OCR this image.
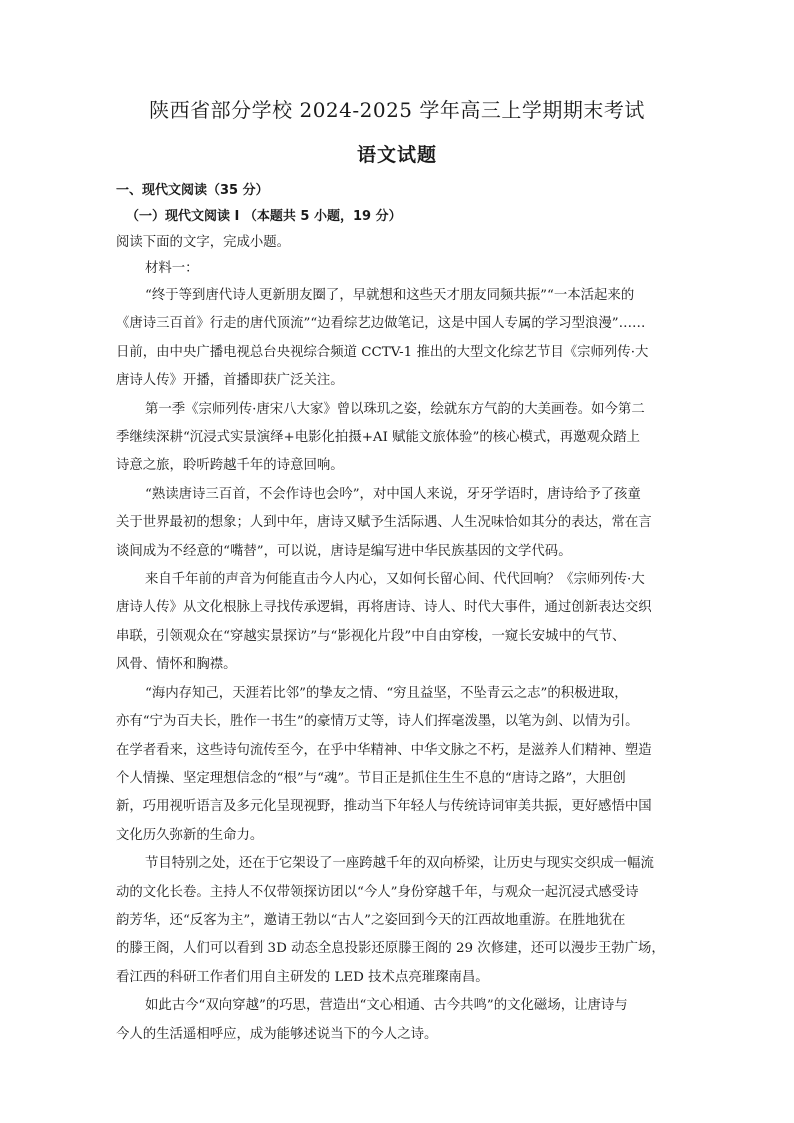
陕西省部分学校 2024-2025 学年高三上学期期末考试
语文试题

一、现代文阅读（35 分）

（一）现代文阅读 I （本题共 5 小题，19 分）

阅读下面的文字，完成小题。

材料一：

“终于等到唐代诗人更新朋友圈了，早就想和这些天才朋友同频共振”“一本活起来的
《唐诗三百首》行走的唐代顶流”“边看综艺边做笔记，这是中国人专属的学习型浪漫”……
日前，由中央广播电视总台央视综合频道 CCTV-1 推出的大型文化综艺节目《宗师列传·大
唐诗人传》开播，首播即获广泛关注。
第一季《宗师列传·唐宋八大家》曾以珠玑之姿，绘就东方气韵的大美画卷。如今第二
季继续深耕“沉浸式实景演绎+电影化拍摄+AI 赋能文旅体验”的核心模式，再邀观众踏上
诗意之旅，聆听跨越千年的诗意回响。
“熟读唐诗三百首，不会作诗也会吟”，对中国人来说，牙牙学语时，唐诗给予了孩童
关于世界最初的想象；人到中年，唐诗又赋予生活际遇、人生况味恰如其分的表达，常在言
谈间成为不经意的“嘴替”，可以说，唐诗是编写进中华民族基因的文学代码。
来自千年前的声音为何能直击今人内心，又如何长留心间、代代回响？《宗师列传·大
唐诗人传》从文化根脉上寻找传承逻辑，再将唐诗、诗人、时代大事件，通过创新表达交织
串联，引领观众在“穿越实景探访”与“影视化片段”中自由穿梭，一窥长安城中的气节、
风骨、情怀和胸襟。
“海内存知己，天涯若比邻”的挚友之情、“穷且益坚，不坠青云之志”的积极进取，
亦有“宁为百夫长，胜作一书生”的豪情万丈等，诗人们挥毫泼墨，以笔为剑、以情为引。
在学者看来，这些诗句流传至今，在乎中华精神、中华文脉之不朽，是滋养人们精神、塑造
个人情操、坚定理想信念的“根”与“魂”。节目正是抓住生生不息的“唐诗之路”，大胆创
新，巧用视听语言及多元化呈现视野，推动当下年轻人与传统诗词审美共振，更好感悟中国
文化历久弥新的生命力。
节目特别之处，还在于它架设了一座跨越千年的双向桥梁，让历史与现实交织成一幅流
动的文化长卷。主持人不仅带领探访团以“今人”身份穿越千年，与观众一起沉浸式感受诗
韵芳华，还“反客为主”，邀请王勃以“古人”之姿回到今天的江西故地重游。在胜地犹在
的滕王阁，人们可以看到 3D 动态全息投影还原滕王阁的 29 次修建，还可以漫步王勃广场，
看江西的科研工作者们用自主研发的 LED 技术点亮璀璨南昌。
如此古今“双向穿越”的巧思，营造出“文心相通、古今共鸣”的文化磁场，让唐诗与
今人的生活遥相呼应，成为能够述说当下的今人之诗。
